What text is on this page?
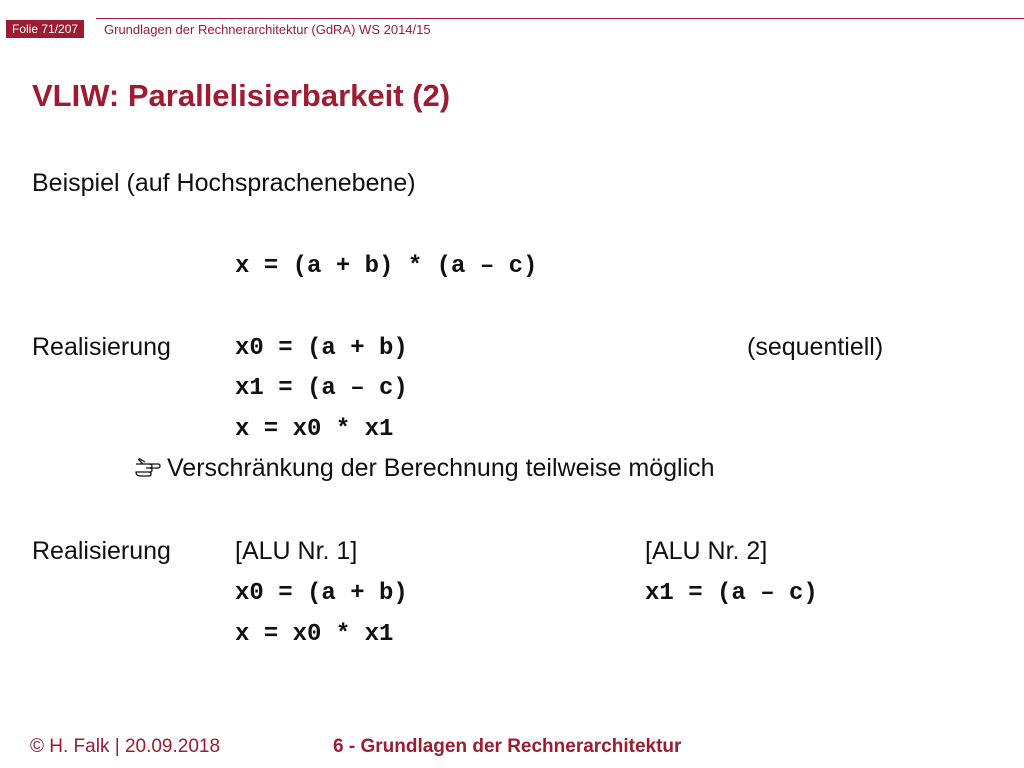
Folie 71/207	Grundlagen der Rechnerarchitektur (GdRA) WS 2014/15
VLIW: Parallelisierbarkeit (2)
Beispiel (auf Hochsprachenebene)
x = (a + b) * (a – c)
Realisierung	x0 = (a + b)	(sequentiell)
x1 = (a – c)
x = x0 * x1
Verschränkung der Berechnung teilweise möglich
Realisierung	[ALU Nr. 1]	[ALU Nr. 2]
x0 = (a + b)	x1 = (a – c)
x = x0 * x1
© H. Falk | 20.09.2018	6 - Grundlagen der Rechnerarchitektur
